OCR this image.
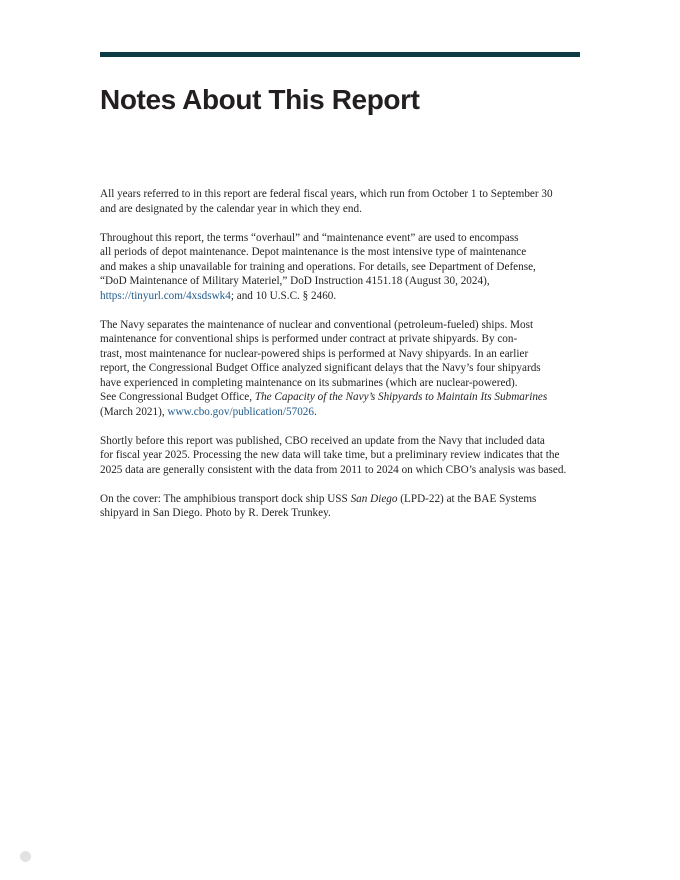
Notes About This Report

All years referred to in this report are federal fiscal years, which run from October 1 to September 30
and are designated by the calendar year in which they end.

Throughout this report, the terms “overhaul” and “maintenance event” are used to encompass
all periods of depot maintenance. Depot maintenance is the most intensive type of maintenance
and makes a ship unavailable for training and operations. For details, see Department of Defense,
“DoD Maintenance of Military Materiel,” DoD Instruction 4151.18 (August 30, 2024),
https://tinyurl.com/4xsdswk4; and 10 U.S.C. § 2460.

The Navy separates the maintenance of nuclear and conventional (petroleum-fueled) ships. Most
maintenance for conventional ships is performed under contract at private shipyards. By con-
trast, most maintenance for nuclear-powered ships is performed at Navy shipyards. In an earlier
report, the Congressional Budget Office analyzed significant delays that the Navy’s four shipyards
have experienced in completing maintenance on its submarines (which are nuclear-powered).
See Congressional Budget Office, The Capacity of the Navy’s Shipyards to Maintain Its Submarines
(March 2021), www.cbo.gov/publication/57026.

Shortly before this report was published, CBO received an update from the Navy that included data
for fiscal year 2025. Processing the new data will take time, but a preliminary review indicates that the
2025 data are generally consistent with the data from 2011 to 2024 on which CBO’s analysis was based.

On the cover: The amphibious transport dock ship USS San Diego (LPD-22) at the BAE Systems
shipyard in San Diego. Photo by R. Derek Trunkey.
